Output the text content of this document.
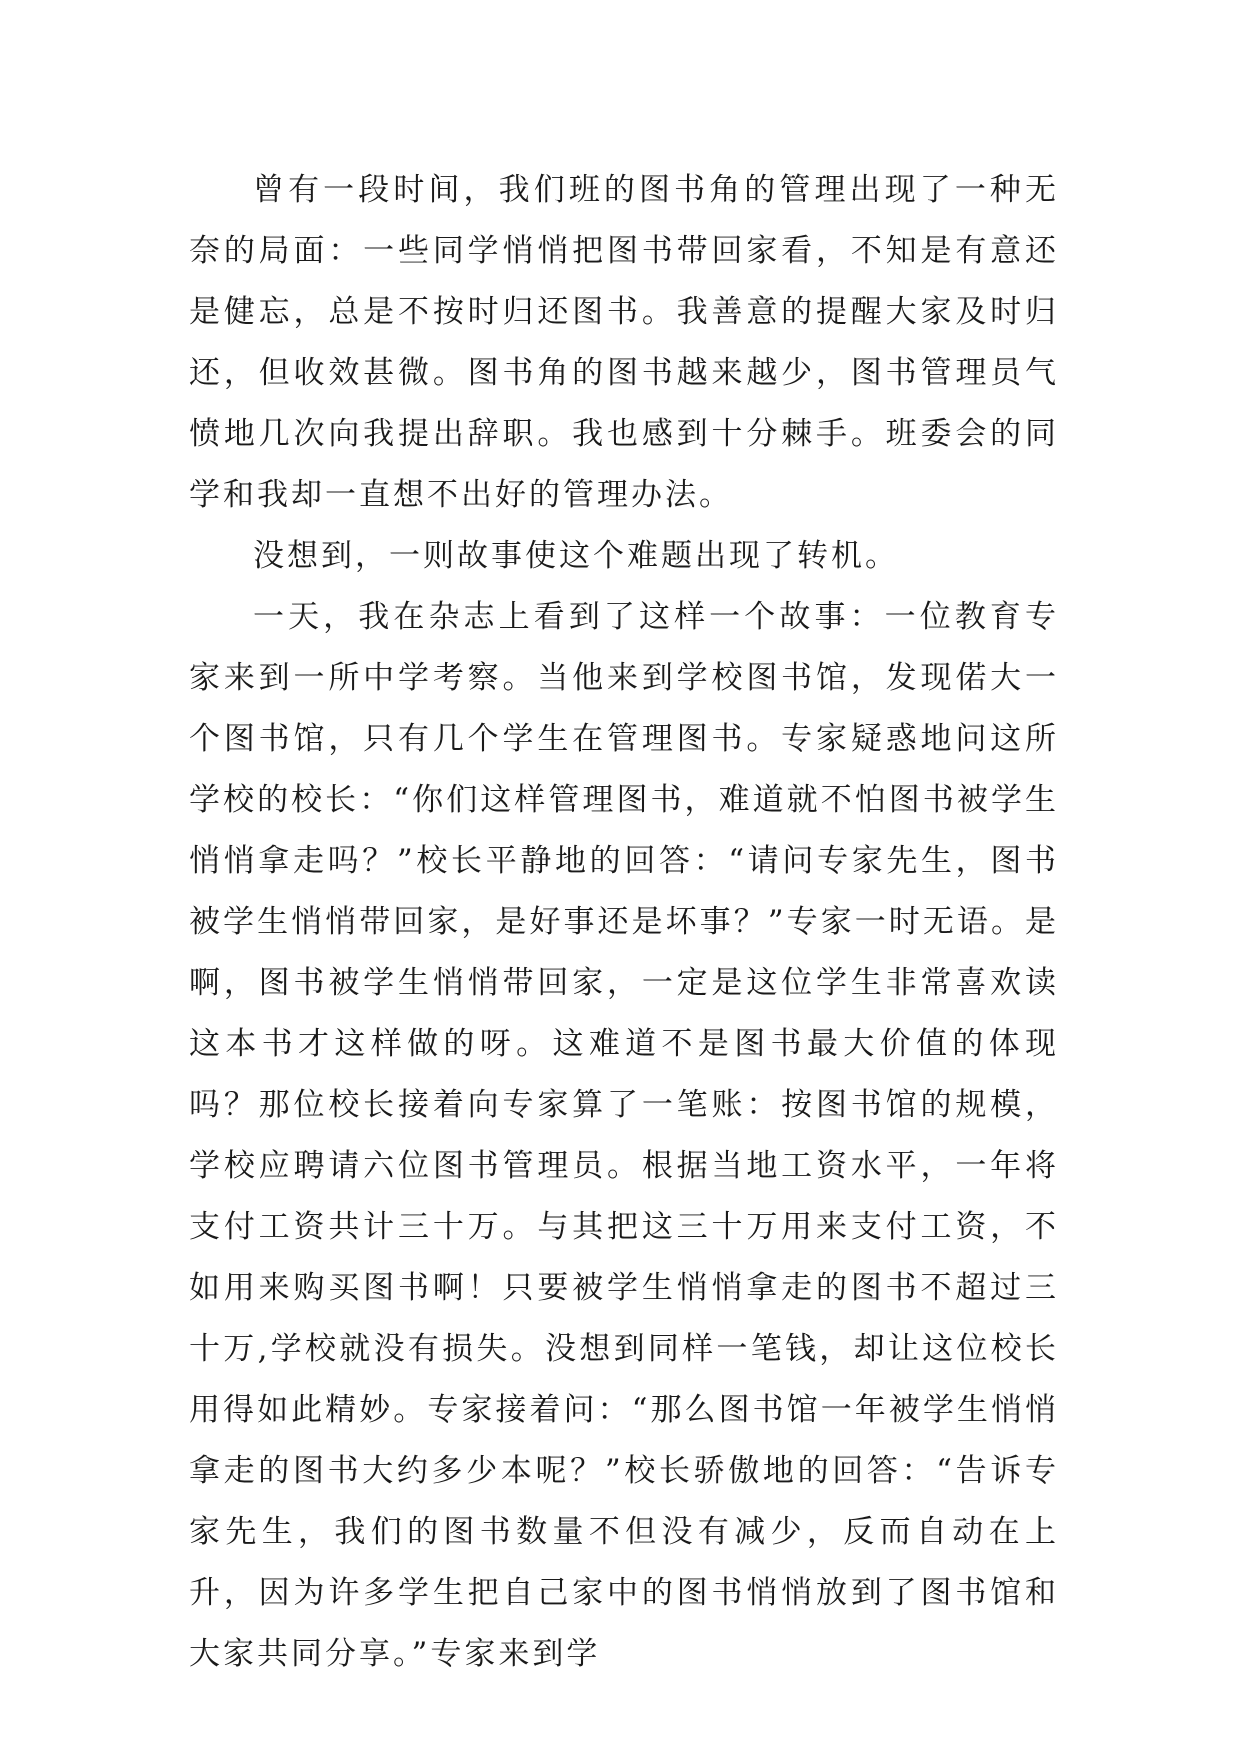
曾有一段时间，我们班的图书角的管理出现了一种无奈的局面：一些同学悄悄把图书带回家看，不知是有意还是健忘，总是不按时归还图书。我善意的提醒大家及时归还，但收效甚微。图书角的图书越来越少，图书管理员气愤地几次向我提出辞职。我也感到十分棘手。班委会的同学和我却一直想不出好的管理办法。

没想到，一则故事使这个难题出现了转机。

一天，我在杂志上看到了这样一个故事：一位教育专家来到一所中学考察。当他来到学校图书馆，发现偌大一个图书馆，只有几个学生在管理图书。专家疑惑地问这所学校的校长：“你们这样管理图书，难道就不怕图书被学生悄悄拿走吗？”校长平静地的回答：“请问专家先生，图书被学生悄悄带回家，是好事还是坏事？”专家一时无语。是啊，图书被学生悄悄带回家，一定是这位学生非常喜欢读这本书才这样做的呀。这难道不是图书最大价值的体现吗？那位校长接着向专家算了一笔账：按图书馆的规模，学校应聘请六位图书管理员。根据当地工资水平，一年将支付工资共计三十万。与其把这三十万用来支付工资，不如用来购买图书啊！只要被学生悄悄拿走的图书不超过三十万,学校就没有损失。没想到同样一笔钱，却让这位校长用得如此精妙。专家接着问：“那么图书馆一年被学生悄悄拿走的图书大约多少本呢？”校长骄傲地的回答：“告诉专家先生，我们的图书数量不但没有减少，反而自动在上升，因为许多学生把自己家中的图书悄悄放到了图书馆和大家共同分享。”专家来到学
